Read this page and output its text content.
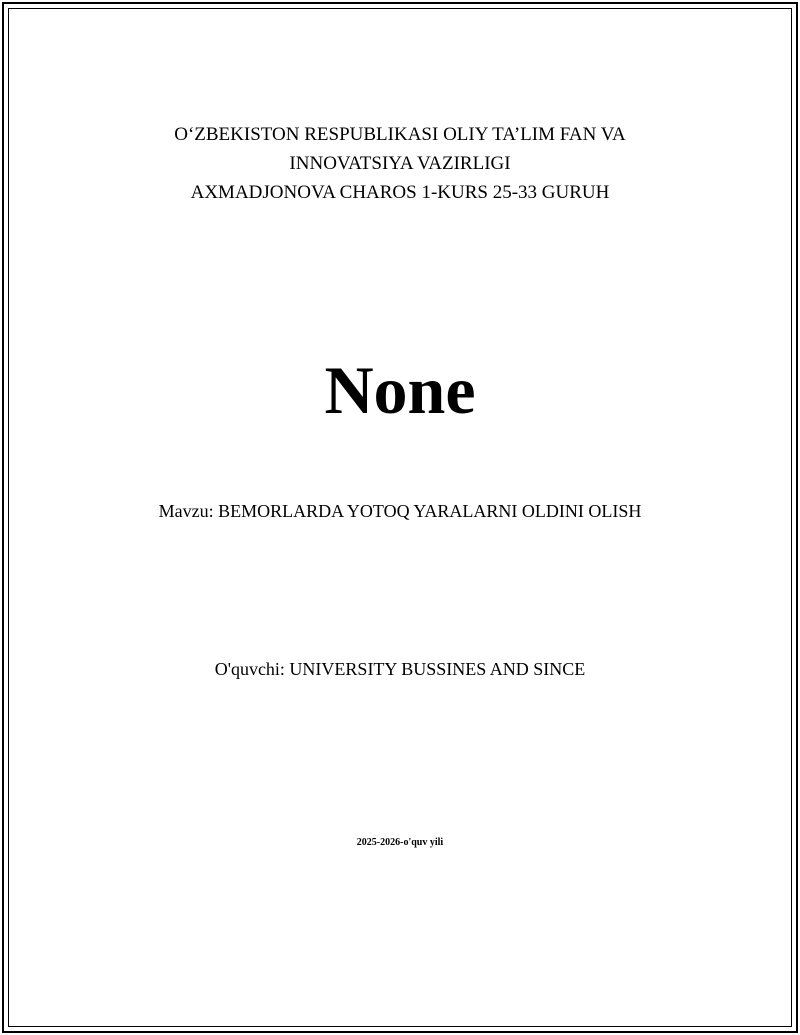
O‘ZBEKISTON RESPUBLIKASI OLIY TA’LIM FAN VA
INNOVATSIYA VAZIRLIGI
AXMADJONOVA CHAROS 1-KURS 25-33 GURUH
None
Mavzu: BEMORLARDA YOTOQ YARALARNI OLDINI OLISH
O'quvchi: UNIVERSITY BUSSINES AND SINCE
2025-2026-o'quv yili
